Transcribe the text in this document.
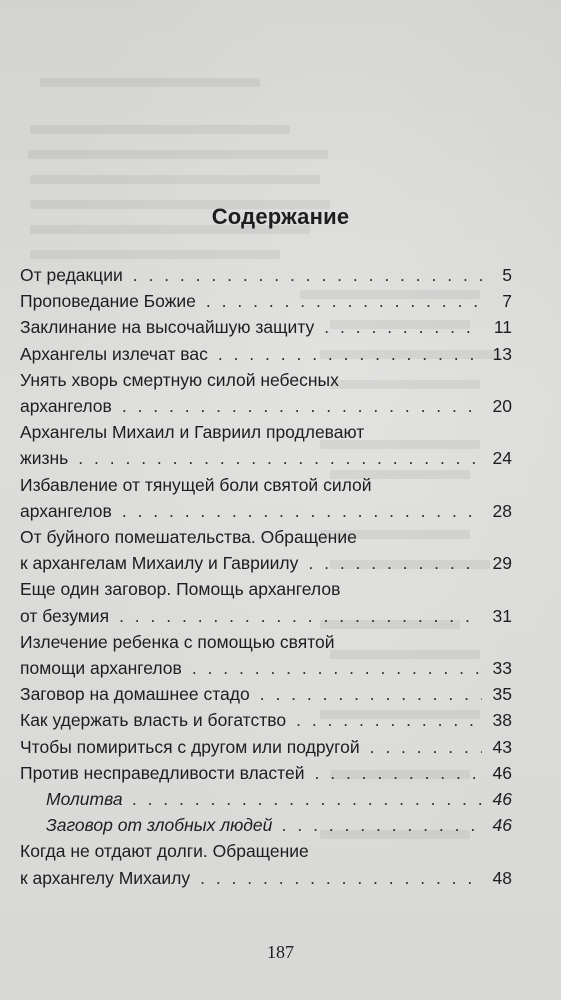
Содержание
От редакции . . .	5
Проповедание Божие . . .	7
Заклинание на высочайшую защиту . . .	11
Архангелы излечат вас . . .	13
Унять хворь смертную силой небесных
архангелов . . .	20
Архангелы Михаил и Гавриил продлевают
жизнь . . .	24
Избавление от тянущей боли святой силой
архангелов . . .	28
От буйного помешательства. Обращение
к архангелам Михаилу и Гавриилу . . .	29
Еще один заговор. Помощь архангелов
от безумия . . .	31
Излечение ребенка с помощью святой
помощи архангелов . . .	33
Заговор на домашнее стадо . . .	35
Как удержать власть и богатство . . .	38
Чтобы помириться с другом или подругой . . .	43
Против несправедливости властей . . .	46
Молитва . . .	46
Заговор от злобных людей . . .	46
Когда не отдают долги. Обращение
к архангелу Михаилу . . .	48
187
